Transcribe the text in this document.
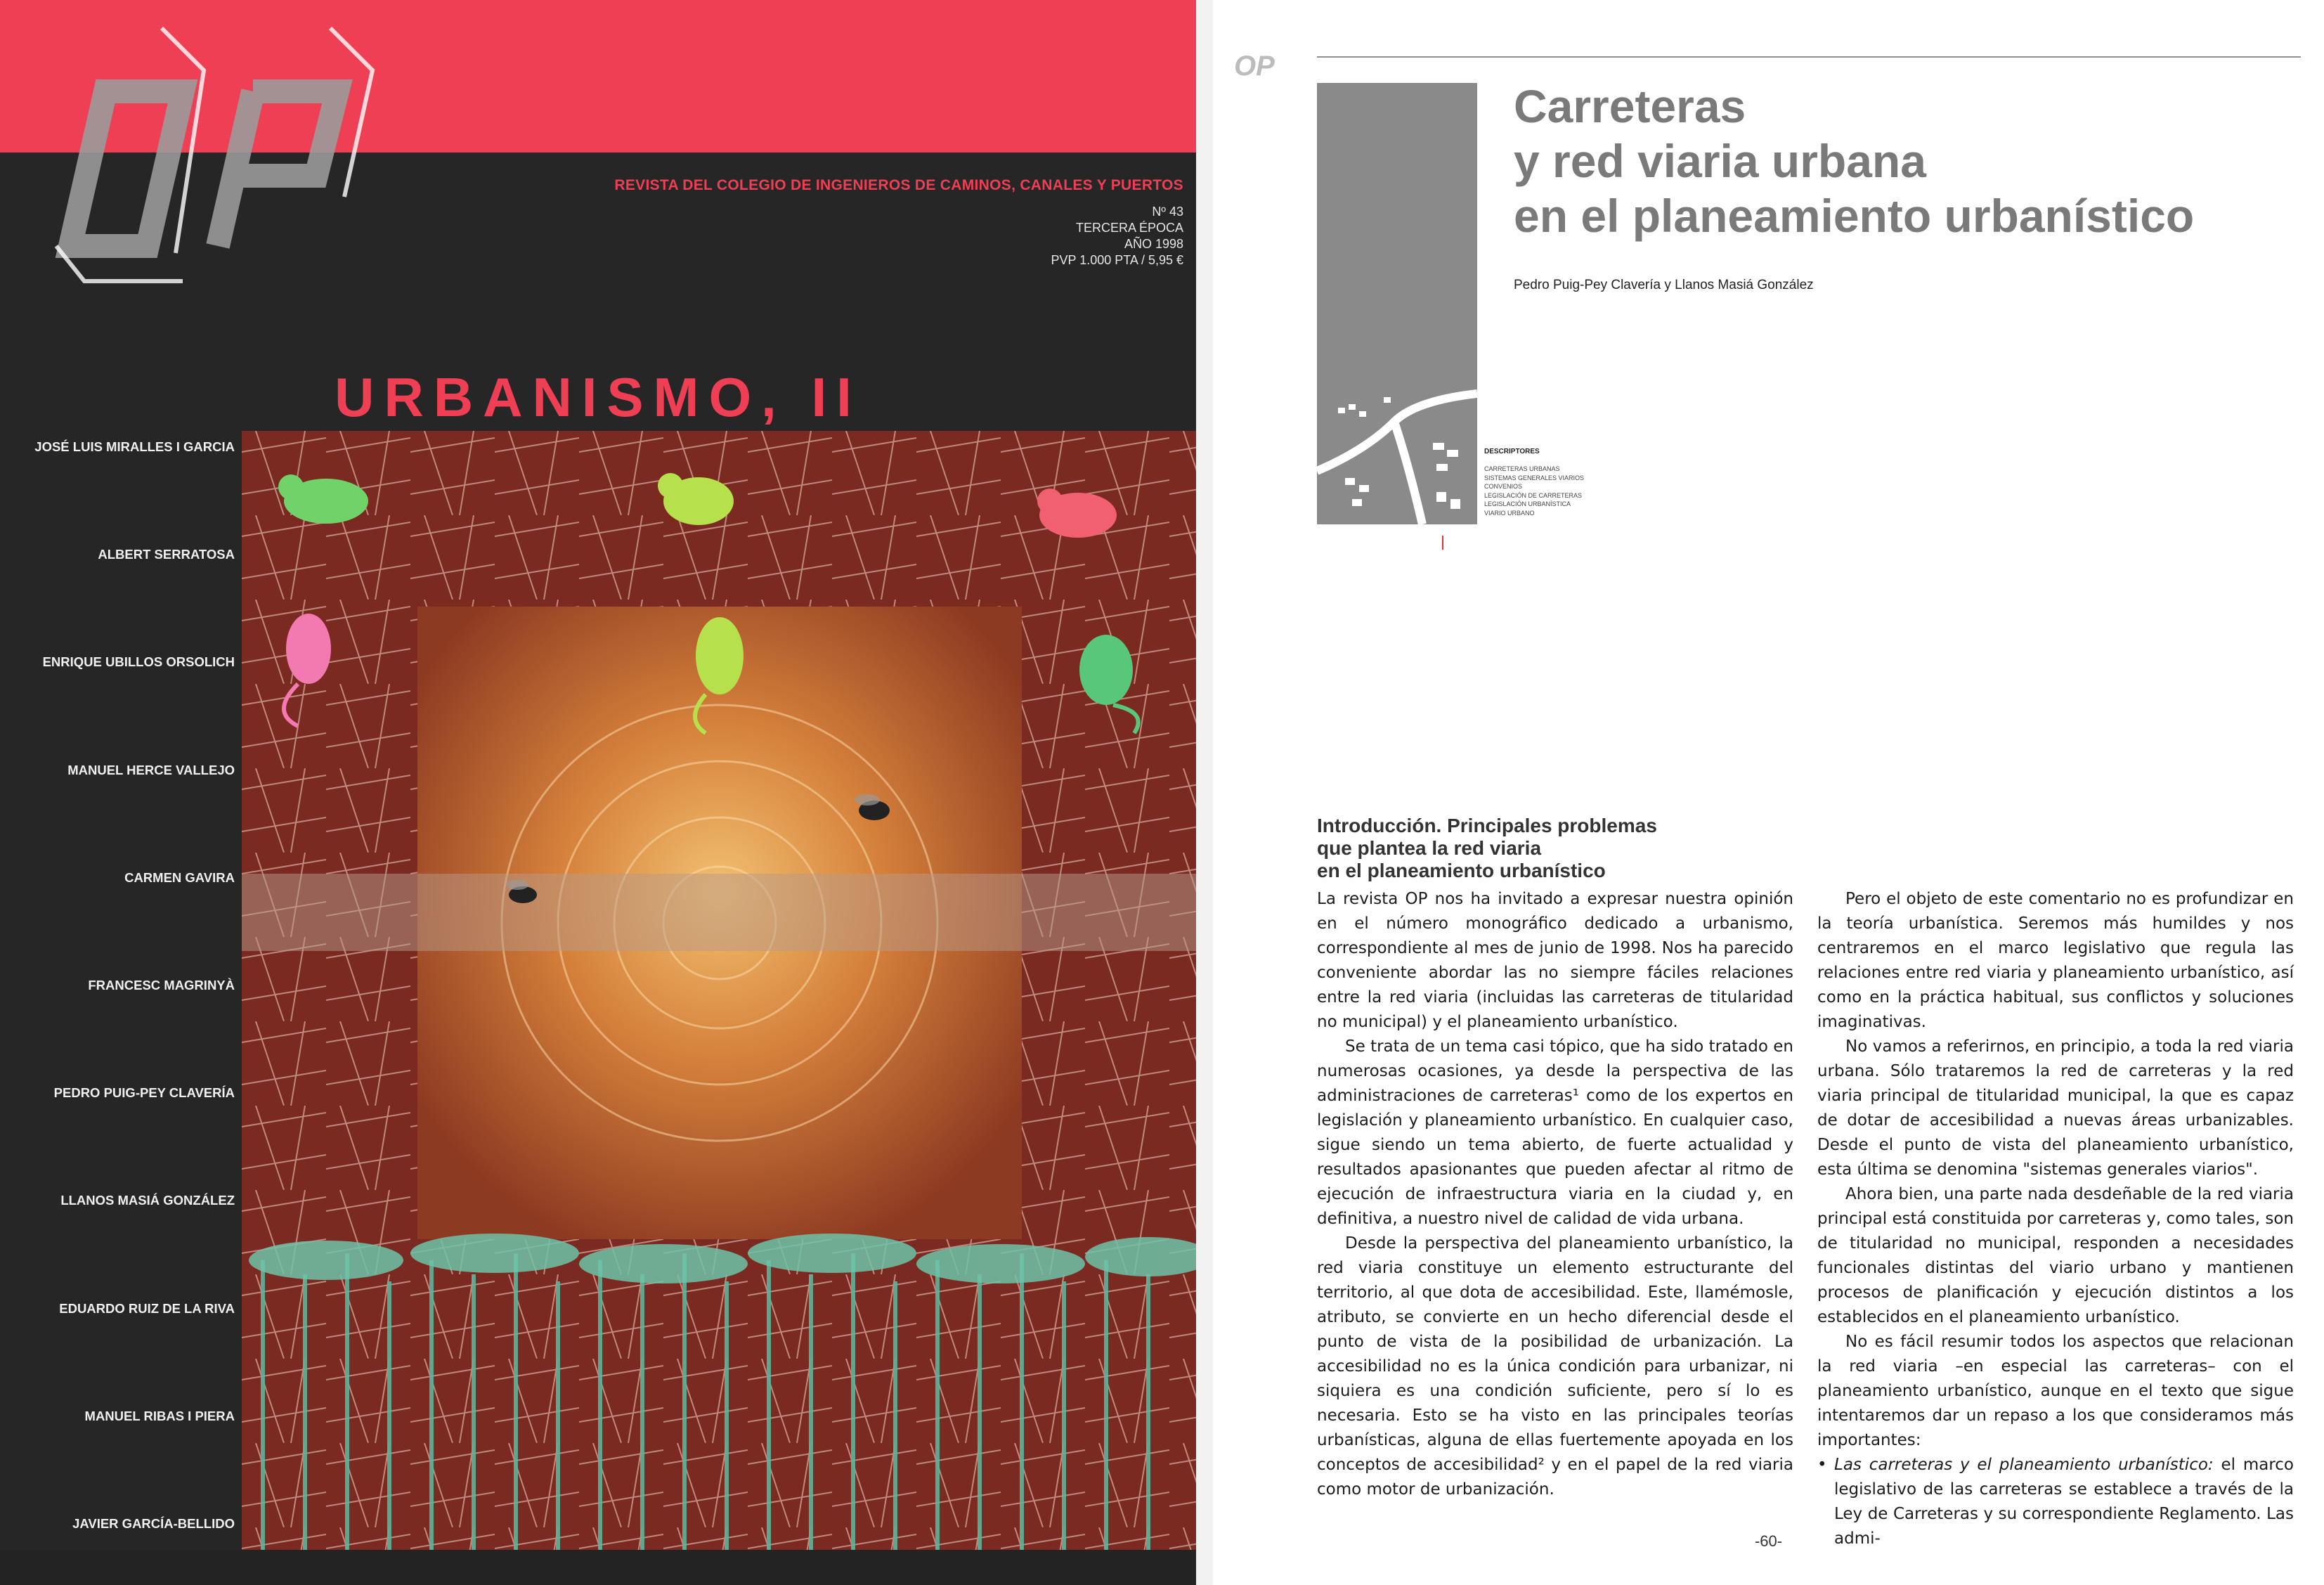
REVISTA DEL COLEGIO DE INGENIEROS DE CAMINOS, CANALES Y PUERTOS
Nº 43
TERCERA ÉPOCA
AÑO 1998
PVP 1.000 PTA / 5,95 €
URBANISMO, II
JOSÉ LUIS MIRALLES I GARCIA
ALBERT SERRATOSA
ENRIQUE UBILLOS ORSOLICH
MANUEL HERCE VALLEJO
CARMEN GAVIRA
FRANCESC MAGRINYÀ
PEDRO PUIG-PEY CLAVERÍA
LLANOS MASIÁ GONZÁLEZ
EDUARDO RUIZ DE LA RIVA
MANUEL RIBAS I PIERA
JAVIER GARCÍA-BELLIDO
OP
Carreteras
y red viaria urbana
en el planeamiento urbanístico
Pedro Puig-Pey Clavería y Llanos Masiá González
DESCRIPTORES
CARRETERAS URBANAS
SISTEMAS GENERALES VIARIOS
CONVENIOS
LEGISLACIÓN DE CARRETERAS
LEGISLACIÓN URBANÍSTICA
VIARIO URBANO
Introducción. Principales problemas
que plantea la red viaria
en el planeamiento urbanístico

La revista OP nos ha invitado a expresar nuestra opinión en el número monográfico dedicado a urbanismo, correspondiente al mes de junio de 1998. Nos ha parecido conveniente abordar las no siempre fáciles relaciones entre la red viaria (incluidas las carreteras de titularidad no municipal) y el planeamiento urbanístico.

Se trata de un tema casi tópico, que ha sido tratado en numerosas ocasiones, ya desde la perspectiva de las administraciones de carreteras¹ como de los expertos en legislación y planeamiento urbanístico. En cualquier caso, sigue siendo un tema abierto, de fuerte actualidad y resultados apasionantes que pueden afectar al ritmo de ejecución de infraestructura viaria en la ciudad y, en definitiva, a nuestro nivel de calidad de vida urbana.

Desde la perspectiva del planeamiento urbanístico, la red viaria constituye un elemento estructurante del territorio, al que dota de accesibilidad. Este, llamémosle, atributo, se convierte en un hecho diferencial desde el punto de vista de la posibilidad de urbanización. La accesibilidad no es la única condición para urbanizar, ni siquiera es una condición suficiente, pero sí lo es necesaria. Esto se ha visto en las principales teorías urbanísticas, alguna de ellas fuertemente apoyada en los conceptos de accesibilidad² y en el papel de la red viaria como motor de urbanización.

Pero el objeto de este comentario no es profundizar en la teoría urbanística. Seremos más humildes y nos centraremos en el marco legislativo que regula las relaciones entre red viaria y planeamiento urbanístico, así como en la práctica habitual, sus conflictos y soluciones imaginativas.

No vamos a referirnos, en principio, a toda la red viaria urbana. Sólo trataremos la red de carreteras y la red viaria principal de titularidad municipal, la que es capaz de dotar de accesibilidad a nuevas áreas urbanizables. Desde el punto de vista del planeamiento urbanístico, esta última se denomina "sistemas generales viarios".

Ahora bien, una parte nada desdeñable de la red viaria principal está constituida por carreteras y, como tales, son de titularidad no municipal, responden a necesidades funcionales distintas del viario urbano y mantienen procesos de planificación y ejecución distintos a los establecidos en el planeamiento urbanístico.

No es fácil resumir todos los aspectos que relacionan la red viaria –en especial las carreteras– con el planeamiento urbanístico, aunque en el texto que sigue intentaremos dar un repaso a los que consideramos más importantes:

• Las carreteras y el planeamiento urbanístico: el marco legislativo de las carreteras se establece a través de la Ley de Carreteras y su correspondiente Reglamento. Las admi-
-60-
